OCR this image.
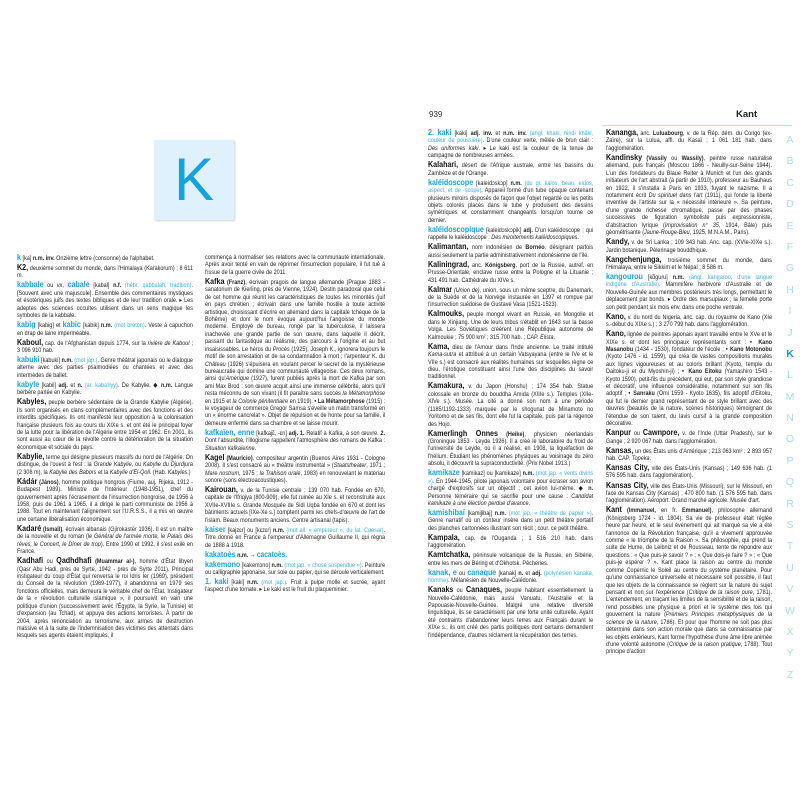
K

k [ka] n.m. inv. Onzième lettre (consonne) de l'alphabet.

K2, deuxième sommet du monde, dans l'Himalaya (Karakorum) ; 8 611 m.

kabbale ou vx, cabale [kabal] n.f. (hébr. qabbalah, tradition). [Souvent avec une majuscule]. Ensemble des commentaires mystiques et ésotériques juifs des textes bibliques et de leur tradition orale. ▸ Les adeptes des sciences occultes utilisent dans un sens magique les symboles de la kabbale.

kabig [kabig] et kabic [kabik] n.m. (mot breton). Veste à capuchon en drap de laine imperméable.

Kaboul, cap. de l'Afghanistan depuis 1774, sur la rivière de Kaboul ; 3 096 910 hab.

kabuki [kabuki] n.m. (mot jap.). Genre théâtral japonais où le dialogue alterne avec des parties psalmodiées ou chantées et avec des intermèdes de ballet.

kabyle [kabil] adj. et n. (ar. kaba'ilyy). De Kabylie. ◆ n.m. Langue berbère parlée en Kabylie.

Kabyles, peuple berbère sédentaire de la Grande Kabylie (Algérie). Ils sont organisés en clans complémentaires avec des fonctions et des interdits spécifiques. Ils ont manifesté leur opposition à la colonisation française plusieurs fois au cours du XIXe s. et ont été le principal foyer de la lutte pour la libération de l'Algérie entre 1954 et 1962. En 2001, ils sont aussi au cœur de la révolte contre la détérioration de la situation économique et sociale du pays.

Kabylie, terme qui désigne plusieurs massifs du nord de l'Algérie. On distingue, de l'ouest à l'est : la Grande Kabylie, ou Kabylie du Djurdjura (2 308 m), la Kabylie des Babors et la Kabylie d'El-Qoll. (Hab. Kabyles.)

Kádár (János), homme politique hongrois (Fiume, auj. Rijeka, 1912 - Budapest 1989). Ministre de l'Intérieur (1948-1951), chef du gouvernement après l'écrasement de l'insurrection hongroise, de 1956 à 1958, puis de 1961 à 1965, il a dirigé le parti communiste de 1956 à 1988. Tout en maintenant l'alignement sur l'U.R.S.S., il a mis en œuvre une certaine libéralisation économique.

Kadaré (Ismaïl), écrivain albanais (Gjirokastër 1936). Il est un maître de la nouvelle et du roman (le Général de l'armée morte, le Palais des rêves, le Concert, le Dîner de trop). Entre 1990 et 1992, il s'est exilé en France.

Kadhafi ou Qadhdhafi (Muammar al-), homme d'État libyen (Qasr Abu Hadi, près de Syrte, 1942 - près de Syrte 2011). Principal instigateur du coup d'État qui renversa le roi Idris Ier (1969), président du Conseil de la révolution (1969-1977), il abandonna en 1979 ses fonctions officielles, mais demeura le véritable chef de l'État. Instigateur de la « révolution culturelle islamique », il poursuivit en vain une politique d'union (successivement avec l'Égypte, la Syrie, la Tunisie) et d'expansion (au Tchad), et appuya des actions terroristes. À partir de 2004, après renonciation au terrorisme, aux armes de destruction massive et à la suite de l'indemnisation des victimes des attentats dans lesquels ses agents étaient impliqués, il

commença à normaliser ses relations avec la communauté internationale. Après avoir tenté en vain de réprimer l'insurrection populaire, il fut tué à l'issue de la guerre civile de 2011.

Kafka (Franz), écrivain pragois de langue allemande (Prague 1883 - sanatorium de Kierling, près de Vienne, 1924). Destin paradoxal que celui de cet homme qui réunit les caractéristiques de toutes les minorités (juif en pays chrétien ; écrivain dans une famille hostile à toute activité artistique, choisissant d'écrire en allemand dans la capitale tchèque de la Bohême) et dont le nom évoque aujourd'hui l'angoisse du monde moderne. Employé de bureau, rongé par la tuberculose, il laissera inachevée une grande partie de son œuvre, dans laquelle il décrit, passant du fantastique au réalisme, des parcours à l'origine et au but insaisissables. Le héros du Procès (1925), Joseph K., ignorera toujours le motif de son arrestation et de sa condamnation à mort ; l'arpenteur K. du Château (1926) s'épuisera en voulant percer le secret de la mystérieuse bureaucratie qui domine une communauté villageoise. Ces deux romans, ainsi qu'Amérique (1927), furent publiés après la mort de Kafka par son ami Max Brod : son œuvre acquit ainsi une immense célébrité, alors qu'il resta méconnu de son vivant (il fit paraître sans succès la Métamorphose en 1915 et la Colonie pénitentiaire en 1919). ▪ La Métamorphose (1915) : le voyageur de commerce Gregor Samsa s'éveille un matin transformé en un « énorme cancrelat ». Objet de répulsion et de honte pour sa famille, il demeure enfermé dans sa chambre et se laisse mourir.

kafkaïen, enne [kafkajɛ̃, -ɛn] adj. 1. Relatif à Kafka, à son œuvre. 2. Dont l'absurdité, l'illogisme rappellent l'atmosphère des romans de Kafka : Situation kafkaïenne.

Kagel (Mauricio), compositeur argentin (Buenos Aires 1931 - Cologne 2008). Il s'est consacré au « théâtre instrumental » (Staatstheater, 1971 ; Mare nostrum, 1975 ; la Trahison orale, 1983) en renouvelant le matériau sonore (sons électroacoustiques).

Kairouan, v. de la Tunisie centrale ; 139 070 hab. Fondée en 670, capitale de l'Ifriqiya (800-909), elle fut ruinée au XIe s. et reconstruite aux XVIIe-XVIIIe s. Grande Mosquée de Sidi Uqba fondée en 670 et dont les bâtiments actuels [IXe-Xe s.] comptent parmi les chefs-d'œuvre de l'art de l'islam. Beaux monuments anciens. Centre artisanal (tapis).

kaiser [kajzɛr] ou [kɛzɛr] n.m. (mot all. « empereur », du lat. Caesar). Titre donné en France à l'empereur d'Allemagne Guillaume II, qui régna de 1888 à 1918.

kakatoès n.m. → cacatoès.

kakemono [kakemɔno] n.m. (mot jap. « chose suspendue »). Peinture ou calligraphie japonaise, sur soie ou papier, qui se déroule verticalement.

1. kaki [kaki] n.m. (mot jap.). Fruit à pulpe molle et sucrée, ayant l'aspect d'une tomate. ▸ Le kaki est le fruit du plaqueminier.

939	Kant

2. kaki [kaki] adj. inv. et n.m. inv. (angl. khaki, hindi khâki, couleur de poussière). D'une couleur verte, mêlée de brun clair : Des uniformes kaki. ▸ Le kaki est la couleur de la tenue de campagne de nombreuses armées.

Kalahari, désert de l'Afrique australe, entre les bassins du Zambèze et de l'Orange.

kaléidoscope [kaleidɔskɔp] n.m. (du gr. kalos, beau, eidos, aspect, et de -scope). Appareil formé d'un tube opaque contenant plusieurs miroirs disposés de façon que l'objet regardé ou les petits objets colorés placés dans le tube y produisent des dessins symétriques et constamment changeants lorsqu'on tourne ce dernier.

kaléidoscopique [kaleidɔskɔpik] adj. D'un kaléidoscope ; qui rappelle le kaléidoscope : Des miroitements kaléidoscopiques.

Kalimantan, nom indonésien de Bornéo, désignant parfois aussi seulement la partie administrativement indonésienne de l'île.

Kaliningrad, anc. Königsberg, port de la Russie, autref. en Prusse-Orientale, enclave russe entre la Pologne et la Lituanie ; 431 491 hab. Cathédrale du XIVe s.

Kalmar (Union de), union, sous un même sceptre, du Danemark, de la Suède et de la Norvège instaurée en 1397 et rompue par l'insurrection suédoise de Gustave Vasa (1521-1523).

Kalmouks, peuple mongol vivant en Russie, en Mongolie et dans le Xinjiang. Une de leurs tribus s'établit en 1643 sur la basse Volga. Les Soviétiques créèrent une République autonome de Kalmoukie ; 75 900 km² ; 315 700 hab. ; CAP. Elista.

Kama, dieu de l'Amour dans l'Inde ancienne. Le traité intitulé Kama-sutra et attribué à un certain Vatsyayana (entre le IVe et le VIIe s.) est consacré aux réalités humaines sur lesquelles règne ce dieu, l'érotique constituant ainsi l'une des disciplines du savoir traditionnel.

Kamakura, v. du Japon (Honshu) ; 174 354 hab. Statue colossale en bronze du bouddha Amida (XIIIe s.). Temples (XIIe-XIVe s.). Musée. La cité a donné son nom à une période (1185/1192-1333) marquée par le shogunat de Minamoto no Yoritomo et de ses fils, dont elle fut la capitale, puis par la régence des Hojo.

Kamerlingh Onnes (Heike), physicien néerlandais (Groningue 1853 - Leyde 1926). Il a créé le laboratoire du froid de l'université de Leyde, où il a réalisé, en 1908, la liquéfaction de l'hélium. Étudiant les phénomènes physiques au voisinage du zéro absolu, il découvrit la supraconductivité. (Prix Nobel 1913.)

kamikaze [kamikaz] ou [kamikaze] n.m. (mot jap. « vents divins »). En 1944-1945, pilote japonais volontaire pour écraser son avion chargé d'explosifs sur un objectif ; cet avion lui-même. ◆ n. Personne téméraire qui se sacrifie pour une cause : Candidat kamikaze à une élection perdue d'avance.

kamishibaï [kamiʃibaj] n.m. (mot jap. « théâtre de papier »). Genre narratif où un conteur insère dans un petit théâtre portatif des planches cartonnées illustrant son récit ; cour. ce petit théâtre.

Kampala, cap. de l'Ouganda ; 1 516 210 hab. dans l'agglomération.

Kamtchatka, péninsule volcanique de la Russie, en Sibérie, entre les mers de Béring et d'Okhotsk. Pêcheries.

kanak, e ou canaque [kanak] n. et adj. (polynésien kanaka, homme). Mélanésien de Nouvelle-Calédonie.

Kanaks ou Canaques, peuple habitant essentiellement la Nouvelle-Calédonie, mais aussi Vanuatu, l'Australie et la Papouasie-Nouvelle-Guinée. Malgré une relative diversité linguistique, ils se caractérisent par une forte unité culturelle. Ayant été contraints d'abandonner leurs terres aux Français durant le XIXe s., ils ont créé des partis politiques dont certains demandent l'indépendance, d'autres réclament la récupération des terres.

Kananga, anc. Luluabourg, v. de la Rép. dém. du Congo (ex-Zaïre), sur la Lulua, affl. du Kasaï ; 1 061 181 hab. dans l'agglomération.

Kandinsky (Vassily ou Wassily), peintre russe naturalisé allemand, puis français (Moscou 1866 - Neuilly-sur-Seine 1944). L'un des fondateurs du Blaue Reiter à Munich et l'un des grands initiateurs de l'art abstrait (à partir de 1910), professeur au Bauhaus en 1922, il s'installa à Paris en 1933, fuyant le nazisme. Il a notamment écrit Du spirituel dans l'art (1911), qui fonde la liberté inventive de l'artiste sur la « nécessité intérieure ». Sa peinture, d'une grande richesse chromatique, passe par des phases successives de figuration symboliste puis expressionniste, d'abstraction lyrique (Improvisation n° 35, 1914, Bâle) puis géométrisante (Jaune-Rouge-Bleu, 1925, M.N.A.M., Paris).

Kandy, v. de Sri Lanka ; 109 343 hab. Anc. cap. (XVIe-XIXe s.). Jardin botanique. Pèlerinage bouddhique.

Kangchenjunga, troisième sommet du monde, dans l'Himalaya, entre le Sikkim et le Népal ; 8 586 m.

kangourou [kɑ̃guru] n.m. (angl. kangaroo, d'une langue indigène d'Australie). Mammifère herbivore d'Australie et de Nouvelle-Guinée aux membres postérieurs très longs, permettant le déplacement par bonds. ▸ Ordre des marsupiaux ; la femelle porte son petit pendant six mois env. dans une poche ventrale.

Kano, v. du nord du Nigeria, anc. cap. du royaume de Kano (XIe s.-début du XIXe s.) ; 3 270 799 hab. dans l'agglomération.

Kano, lignée de peintres japonais ayant travaillé entre le XVe et le XIXe s. et dont les principaux représentants sont : ▪ Kano Masanobu (1434 - 1530), fondateur de l'école ; ▪ Kano Motonobu (Kyoto 1476 - id. 1559), qui créa de vastes compositions murales aux lignes vigoureuses et au coloris brillant (Kyoto, temple du Daitoku-ji et du Myoshin-ji) ; ▪ Kano Eitoku (Yamashiro 1543 - Kyoto 1590), petit-fils du précédent, qui eut, par son style grandiose et décoratif, une influence considérable, notamment sur son fils adoptif ; ▪ Sanraku (Omi 1559 - Kyoto 1635), fils adoptif d'Eitoku, qui fut le dernier grand représentant de ce style brillant avec des œuvres (beautés de la nature, scènes historiques) témoignant de l'étendue de son talent, du lavis cursif à la grande composition décorative.

Kanpur ou Cawnpore, v. de l'Inde (Uttar Pradesh), sur le Gange ; 2 920 067 hab. dans l'agglomération.

Kansas, un des États unis d'Amérique ; 213 063 km² ; 2 893 957 hab. CAP. Topeka.

Kansas City, ville des États-Unis (Kansas) ; 149 636 hab. (1 576 595 hab. dans l'agglomération).

Kansas City, ville des États-Unis (Missouri), sur le Missouri, en face de Kansas City (Kansas) ; 470 800 hab. (1 576 595 hab. dans l'agglomération). Aéroport. Grand marché agricole. Musée d'art.

Kant (Immanuel, en fr. Emmanuel), philosophe allemand (Königsberg 1724 - id. 1804). Sa vie de professeur était réglée heure par heure, et le seul événement qui ait marqué sa vie a été l'annonce de la Révolution française, qu'il a vivement approuvée comme « le triomphe de la Raison ». Sa philosophie, qui prend la suite de Hume, de Leibniz et de Rousseau, tente de répondre aux questions : « Que puis-je savoir ? » ; « Que dois-je faire ? » ; « Que puis-je espérer ? ». Kant place la raison au centre du monde comme Copernic le Soleil au centre du système planétaire. Pour qu'une connaissance universelle et nécessaire soit possible, il faut que les objets de la connaissance se règlent sur la nature du sujet pensant et non sur l'expérience (Critique de la raison pure, 1781). L'entendement, en traçant les limites de la sensibilité et de la raison, rend possibles une physique a priori et le système des lois qui gouvernent la nature (Premiers Principes métaphysiques de la science de la nature, 1786). Et pour que l'homme ne soit pas plus déterminé dans son action morale que dans sa connaissance par les objets extérieurs, Kant forme l'hypothèse d'une âme libre animée d'une volonté autonome (Critique de la raison pratique, 1788). Tout principe d'action

A
B
C
D
E
F
G
H
I
J
K
L
M
N
O
P
Q
R
S
T
U
V
W
X
Y
Z
